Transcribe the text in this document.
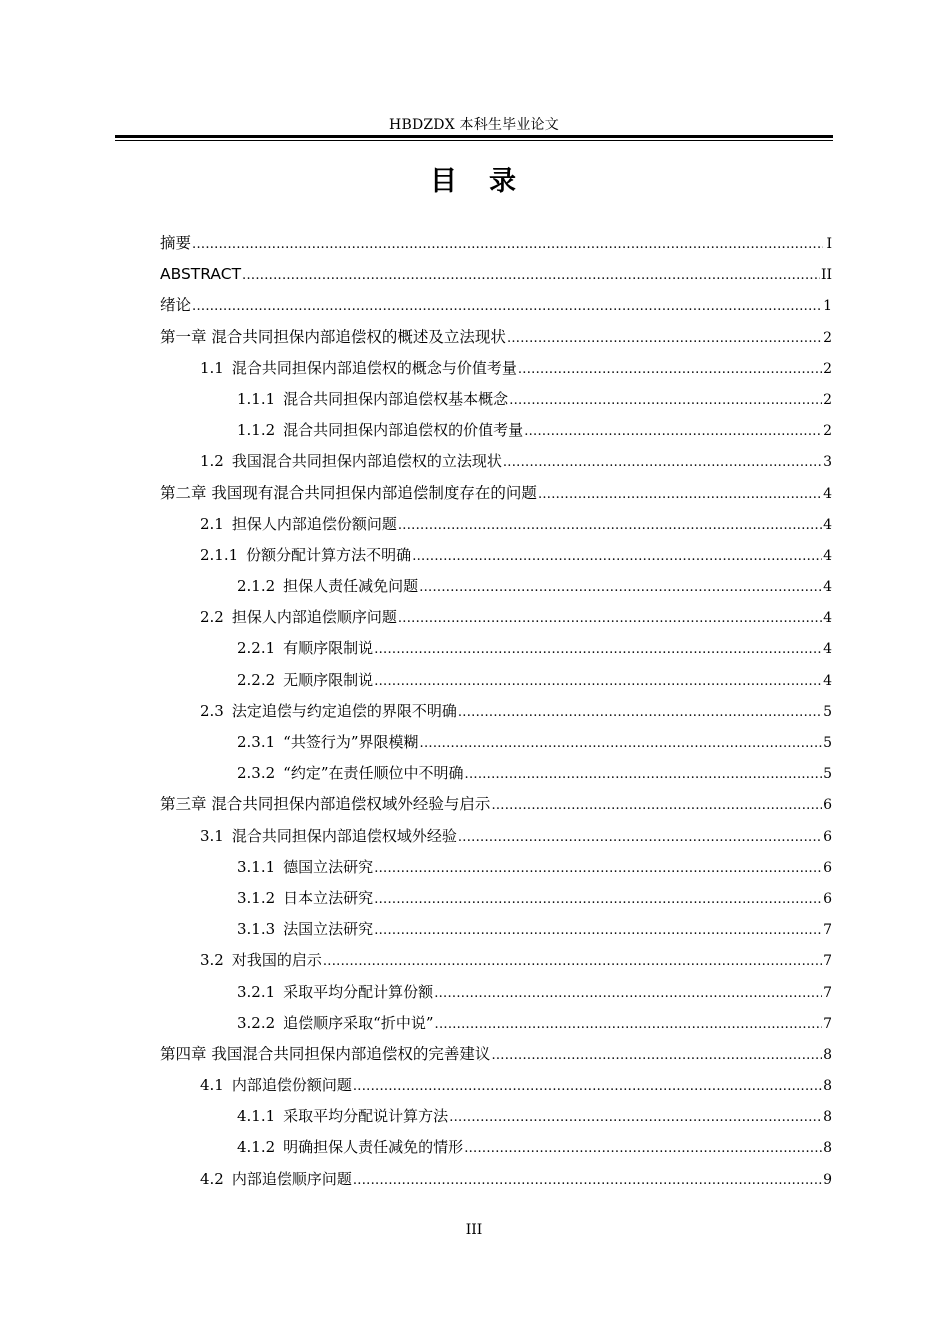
HBDZDX 本科生毕业论文
目 录
摘要 .....	I
ABSTRACT .....	II
绪论 .....	1
第一章 混合共同担保内部追偿权的概述及立法现状 .....	2
1.1 混合共同担保内部追偿权的概念与价值考量 .....	2
1.1.1 混合共同担保内部追偿权基本概念 .....	2
1.1.2 混合共同担保内部追偿权的价值考量 .....	2
1.2 我国混合共同担保内部追偿权的立法现状 .....	3
第二章 我国现有混合共同担保内部追偿制度存在的问题 .....	4
2.1 担保人内部追偿份额问题 .....	4
2.1.1 份额分配计算方法不明确 .....	4
2.1.2 担保人责任减免问题 .....	4
2.2 担保人内部追偿顺序问题 .....	4
2.2.1 有顺序限制说 .....	4
2.2.2 无顺序限制说 .....	4
2.3 法定追偿与约定追偿的界限不明确 .....	5
2.3.1 “共签行为”界限模糊 .....	5
2.3.2 “约定”在责任顺位中不明确 .....	5
第三章 混合共同担保内部追偿权域外经验与启示 .....	6
3.1 混合共同担保内部追偿权域外经验 .....	6
3.1.1 德国立法研究 .....	6
3.1.2 日本立法研究 .....	6
3.1.3 法国立法研究 .....	7
3.2 对我国的启示 .....	7
3.2.1 采取平均分配计算份额 .....	7
3.2.2 追偿顺序采取“折中说” .....	7
第四章 我国混合共同担保内部追偿权的完善建议 .....	8
4.1 内部追偿份额问题 .....	8
4.1.1 采取平均分配说计算方法 .....	8
4.1.2 明确担保人责任减免的情形 .....	8
4.2 内部追偿顺序问题 .....	9
III
